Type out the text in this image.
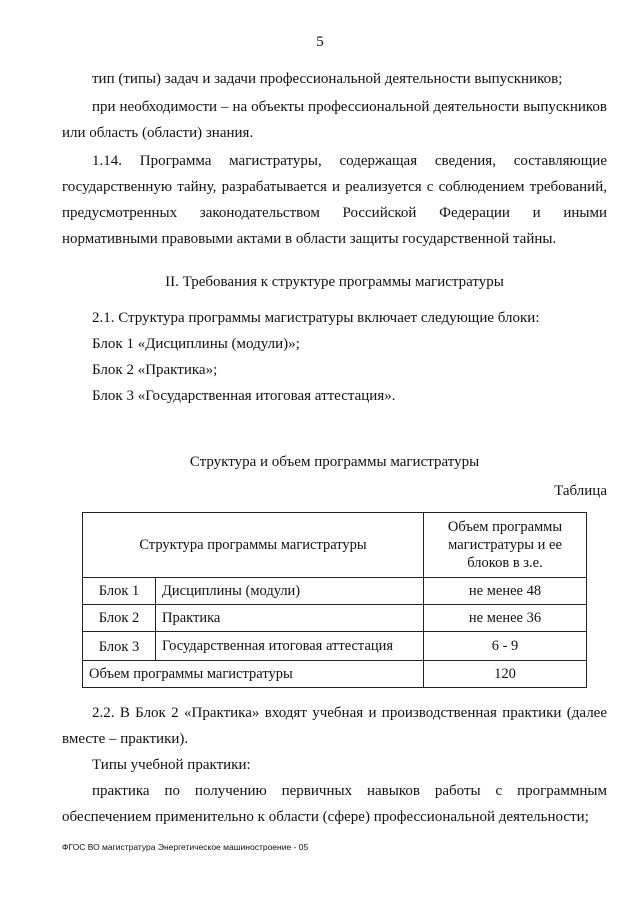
5

тип (типы) задач и задачи профессиональной деятельности выпускников;

при необходимости – на объекты профессиональной деятельности выпускников или область (области) знания.

1.14. Программа магистратуры, содержащая сведения, составляющие государственную тайну, разрабатывается и реализуется с соблюдением требований, предусмотренных законодательством Российской Федерации и иными нормативными правовыми актами в области защиты государственной тайны.

II. Требования к структуре программы магистратуры

2.1. Структура программы магистратуры включает следующие блоки:

Блок 1 «Дисциплины (модули)»;

Блок 2 «Практика»;

Блок 3 «Государственная итоговая аттестация».

Структура и объем программы магистратуры

Таблица

Структура программы магистратуры		Объем программы магистратуры и ее блоков в з.е.
Блок 1	Дисциплины (модули)	не менее 48
Блок 2	Практика	не менее 36
Блок 3	Государственная итоговая аттестация	6 - 9
Объем программы магистратуры		120

2.2. В Блок 2 «Практика» входят учебная и производственная практики (далее вместе – практики).

Типы учебной практики:

практика по получению первичных навыков работы с программным обеспечением применительно к области (сфере) профессиональной деятельности;

ФГОС ВО магистратура Энергетическое машиностроение - 05
